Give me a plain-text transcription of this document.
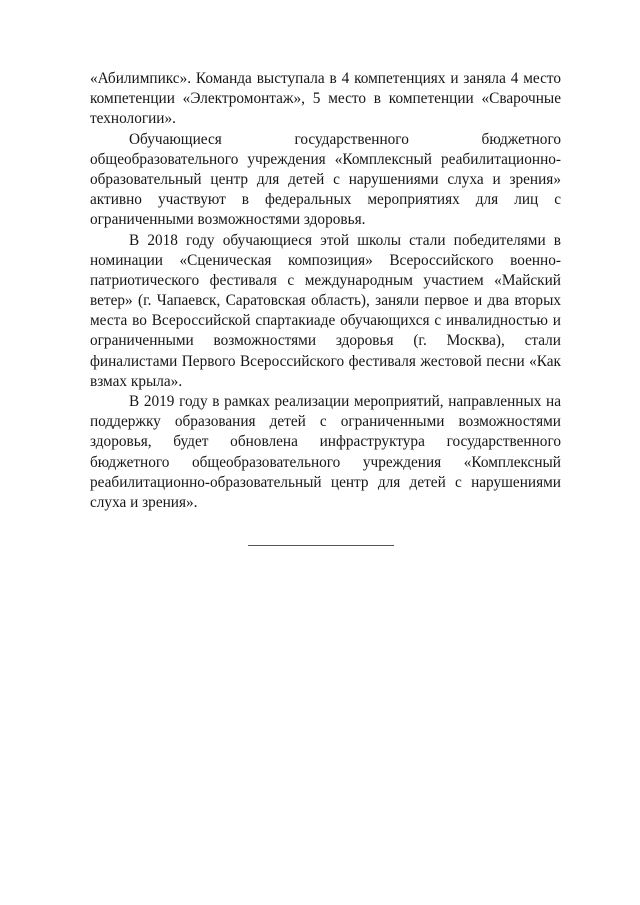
«Абилимпикс». Команда выступала в 4 компетенциях и заняла 4 место
компетенции «Электромонтаж», 5 место в компетенции «Сварочные
технологии».
Обучающиеся государственного бюджетного
общеобразовательного учреждения «Комплексный реабилитационно-
образовательный центр для детей с нарушениями слуха и зрения»
активно участвуют в федеральных мероприятиях для лиц с
ограниченными возможностями здоровья.
В 2018 году обучающиеся этой школы стали победителями в
номинации «Сценическая композиция» Всероссийского военно-
патриотического фестиваля с международным участием «Майский
ветер» (г. Чапаевск, Саратовская область), заняли первое и два вторых
места во Всероссийской спартакиаде обучающихся с инвалидностью и
ограниченными возможностями здоровья (г. Москва), стали
финалистами Первого Всероссийского фестиваля жестовой песни «Как
взмах крыла».
В 2019 году в рамках реализации мероприятий, направленных на
поддержку образования детей с ограниченными возможностями
здоровья, будет обновлена инфраструктура государственного
бюджетного общеобразовательного учреждения «Комплексный
реабилитационно-образовательный центр для детей с нарушениями
слуха и зрения».
